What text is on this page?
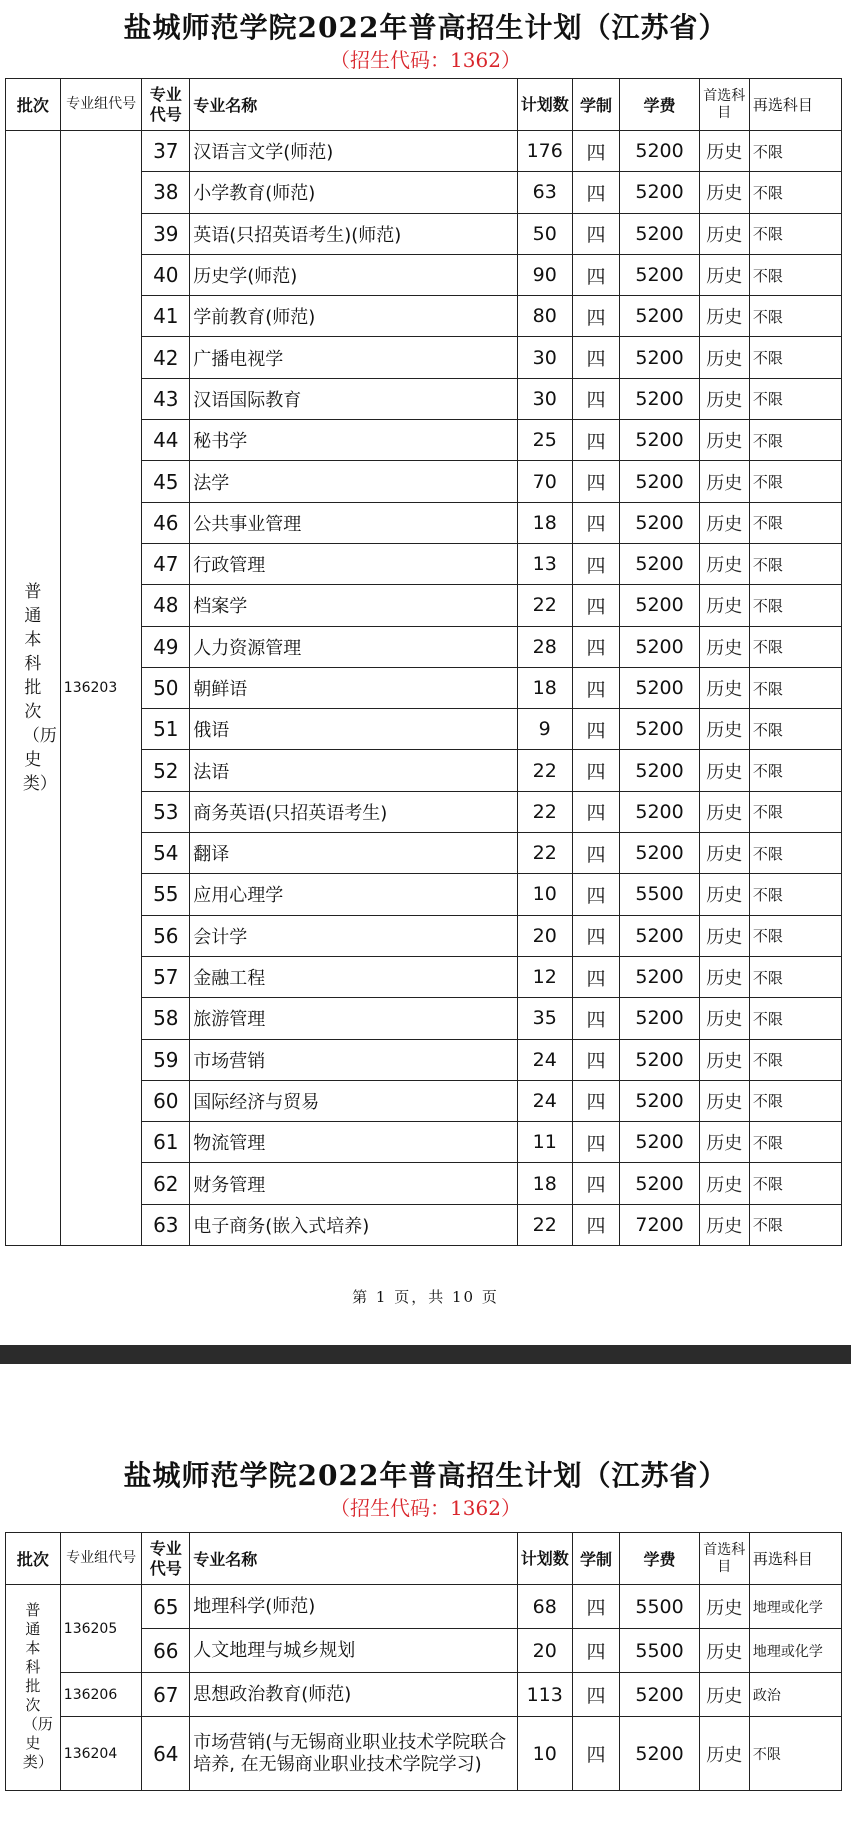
盐城师范学院2022年普高招生计划（江苏省）
（招生代码：1362）
批次	专业组代号	专业代号	专业名称	计划数	学制	学费	首选科目	再选科目
普通本科批次（历史类）	136203	37	汉语言文学(师范)	176	四	5200	历史	不限
		38	小学教育(师范)	63	四	5200	历史	不限
		39	英语(只招英语考生)(师范)	50	四	5200	历史	不限
		40	历史学(师范)	90	四	5200	历史	不限
		41	学前教育(师范)	80	四	5200	历史	不限
		42	广播电视学	30	四	5200	历史	不限
		43	汉语国际教育	30	四	5200	历史	不限
		44	秘书学	25	四	5200	历史	不限
		45	法学	70	四	5200	历史	不限
		46	公共事业管理	18	四	5200	历史	不限
		47	行政管理	13	四	5200	历史	不限
		48	档案学	22	四	5200	历史	不限
		49	人力资源管理	28	四	5200	历史	不限
		50	朝鲜语	18	四	5200	历史	不限
		51	俄语	9	四	5200	历史	不限
		52	法语	22	四	5200	历史	不限
		53	商务英语(只招英语考生)	22	四	5200	历史	不限
		54	翻译	22	四	5200	历史	不限
		55	应用心理学	10	四	5500	历史	不限
		56	会计学	20	四	5200	历史	不限
		57	金融工程	12	四	5200	历史	不限
		58	旅游管理	35	四	5200	历史	不限
		59	市场营销	24	四	5200	历史	不限
		60	国际经济与贸易	24	四	5200	历史	不限
		61	物流管理	11	四	5200	历史	不限
		62	财务管理	18	四	5200	历史	不限
		63	电子商务(嵌入式培养)	22	四	7200	历史	不限
第 1 页，共 10 页
盐城师范学院2022年普高招生计划（江苏省）
（招生代码：1362）
批次	专业组代号	专业代号	专业名称	计划数	学制	学费	首选科目	再选科目
普通本科批次（历史类）	136205	65	地理科学(师范)	68	四	5500	历史	地理或化学
		66	人文地理与城乡规划	20	四	5500	历史	地理或化学
	136206	67	思想政治教育(师范)	113	四	5200	历史	政治
	136204	64	市场营销(与无锡商业职业技术学院联合培养, 在无锡商业职业技术学院学习)	10	四	5200	历史	不限
